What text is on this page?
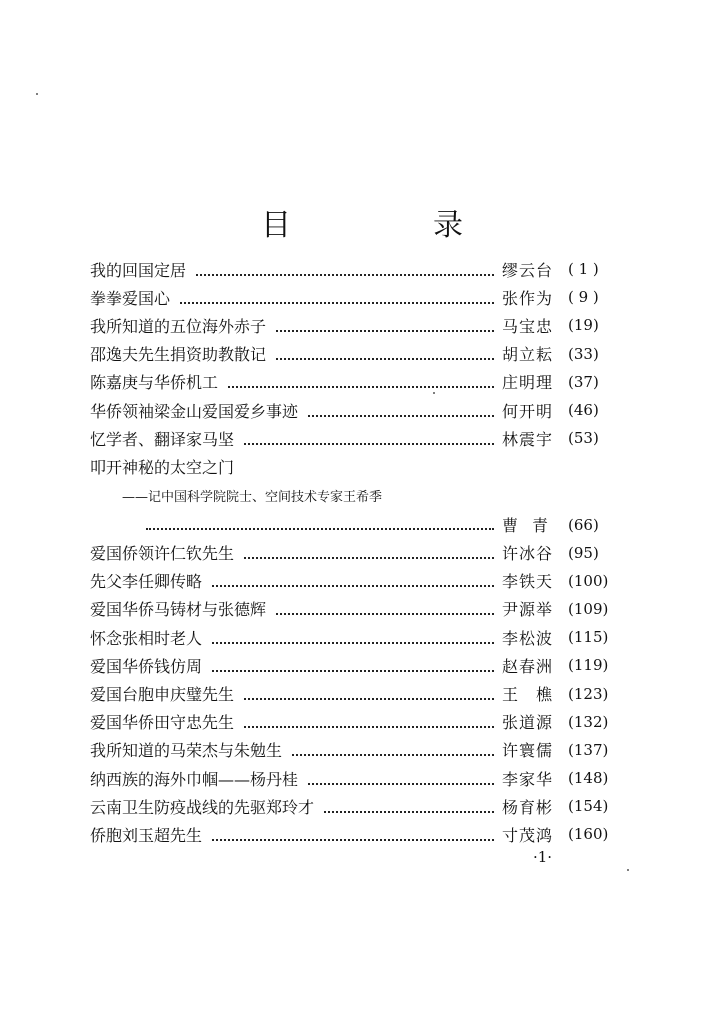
目　录
我的回国定居	缪云台 ( 1 )
拳拳爱国心	张作为 ( 9 )
我所知道的五位海外赤子	马宝忠 (19)
邵逸夫先生捐资助教散记	胡立耘 (33)
陈嘉庚与华侨机工	庄明理 (37)
华侨领袖梁金山爱国爱乡事迹	何开明 (46)
忆学者、翻译家马坚	林震宇 (53)
叩开神秘的太空之门
——记中国科学院院士、空间技术专家王希季
曹青 (66)
爱国侨领许仁钦先生	许冰谷 (95)
先父李任卿传略	李铁天 (100)
爱国华侨马铸材与张德辉	尹源举 (109)
怀念张相时老人	李松波 (115)
爱国华侨钱仿周	赵春洲 (119)
爱国台胞申庆璧先生	王　樵 (123)
爱国华侨田守忠先生	张道源 (132)
我所知道的马荣杰与朱勉生	许寰儒 (137)
纳西族的海外巾帼——杨丹桂	李家华 (148)
云南卫生防疫战线的先驱郑玲才	杨育彬 (154)
侨胞刘玉超先生	寸茂鸿 (160)
·1·
